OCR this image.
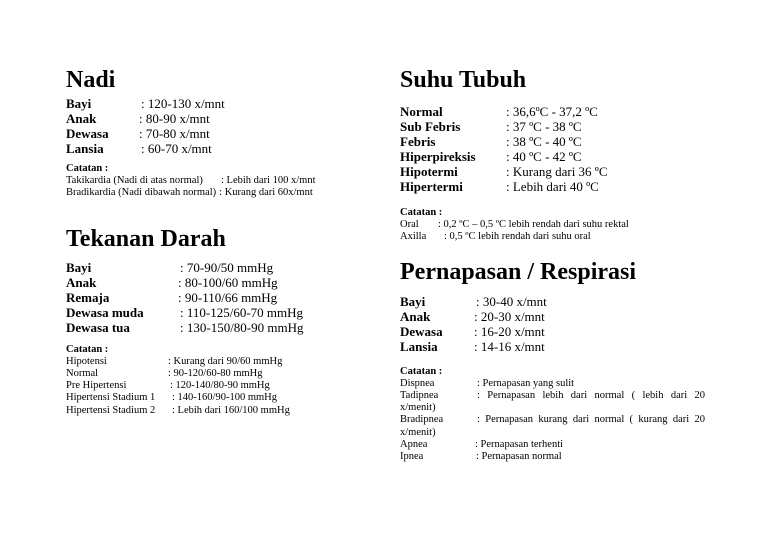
Nadi
Bayi	: 120-130 x/mnt
Anak	: 80-90 x/mnt
Dewasa	: 70-80 x/mnt
Lansia	: 60-70 x/mnt
Catatan :
Takikardia (Nadi di atas normal)	: Lebih dari 100 x/mnt
Bradikardia (Nadi dibawah normal) : Kurang dari 60x/mnt
Tekanan Darah
Bayi	: 70-90/50 mmHg
Anak	: 80-100/60 mmHg
Remaja	: 90-110/66 mmHg
Dewasa muda	: 110-125/60-70 mmHg
Dewasa tua	: 130-150/80-90 mmHg
Catatan :
Hipotensi	: Kurang dari 90/60 mmHg
Normal	: 90-120/60-80 mmHg
Pre Hipertensi	: 120-140/80-90 mmHg
Hipertensi Stadium 1	: 140-160/90-100 mmHg
Hipertensi Stadium 2	: Lebih dari 160/100 mmHg
Suhu Tubuh
Normal	: 36,6ºC - 37,2 ºC
Sub Febris	: 37 ºC - 38 ºC
Febris	: 38 ºC - 40 ºC
Hiperpireksis	: 40 ºC - 42 ºC
Hipotermi	: Kurang dari 36 ºC
Hipertermi	: Lebih dari 40 ºC
Catatan :
Oral	: 0,2 ºC – 0,5 ºC lebih rendah dari suhu rektal
Axilla	: 0,5 ºC lebih rendah dari suhu oral
Pernapasan / Respirasi
Bayi	: 30-40 x/mnt
Anak	: 20-30 x/mnt
Dewasa	: 16-20 x/mnt
Lansia	: 14-16 x/mnt
Catatan :
Dispnea	: Pernapasan yang sulit
Tadipnea	: Pernapasan lebih dari normal ( lebih dari 20 x/menit)
Bradipnea	: Pernapasan kurang dari normal ( kurang dari 20 x/menit)
Apnea	: Pernapasan terhenti
Ipnea	: Pernapasan normal
